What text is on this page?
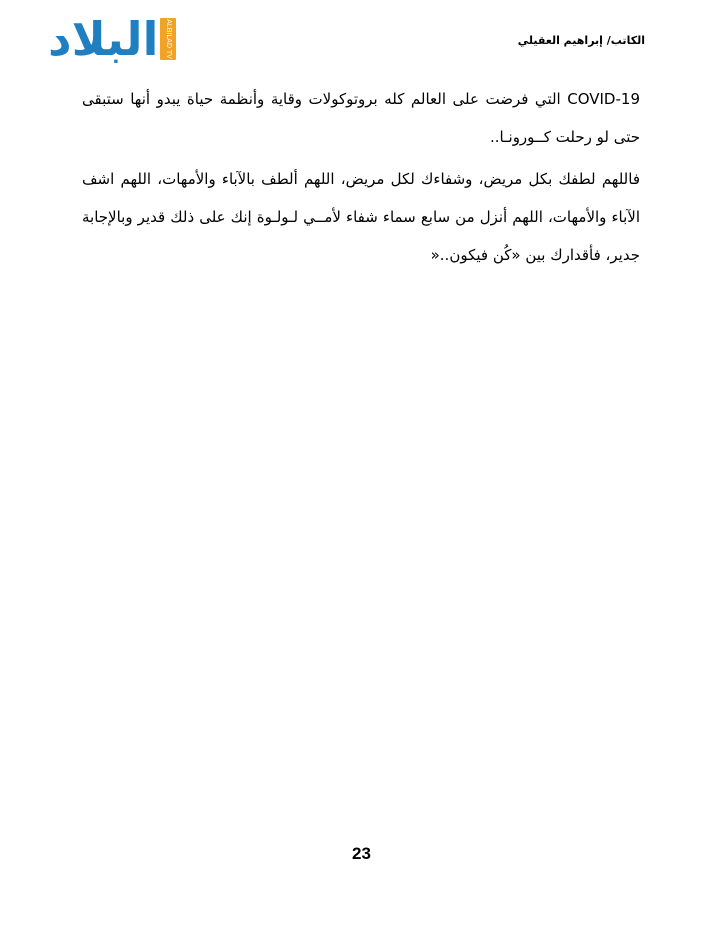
ALBILAD TV
البلاد	الكاتب/ إبراهيم العقيلي

COVID-19 التي فرضت على العالم كله بروتوكولات وقاية وأنظمة حياة يبدو أنها ستبقى حتى لو رحلت كــورونـا..

فاللهم لطفك بكل مريض، وشفاءك لكل مريض، اللهم ألطف بالآباء والأمهات، اللهم اشف الآباء والأمهات، اللهم أنزل من سابع سماء شفاء لأمــي لـولـوة إنك على ذلك قدير وبالإجابة جدير، فأقدارك بين «كُن فيكون..«

23
